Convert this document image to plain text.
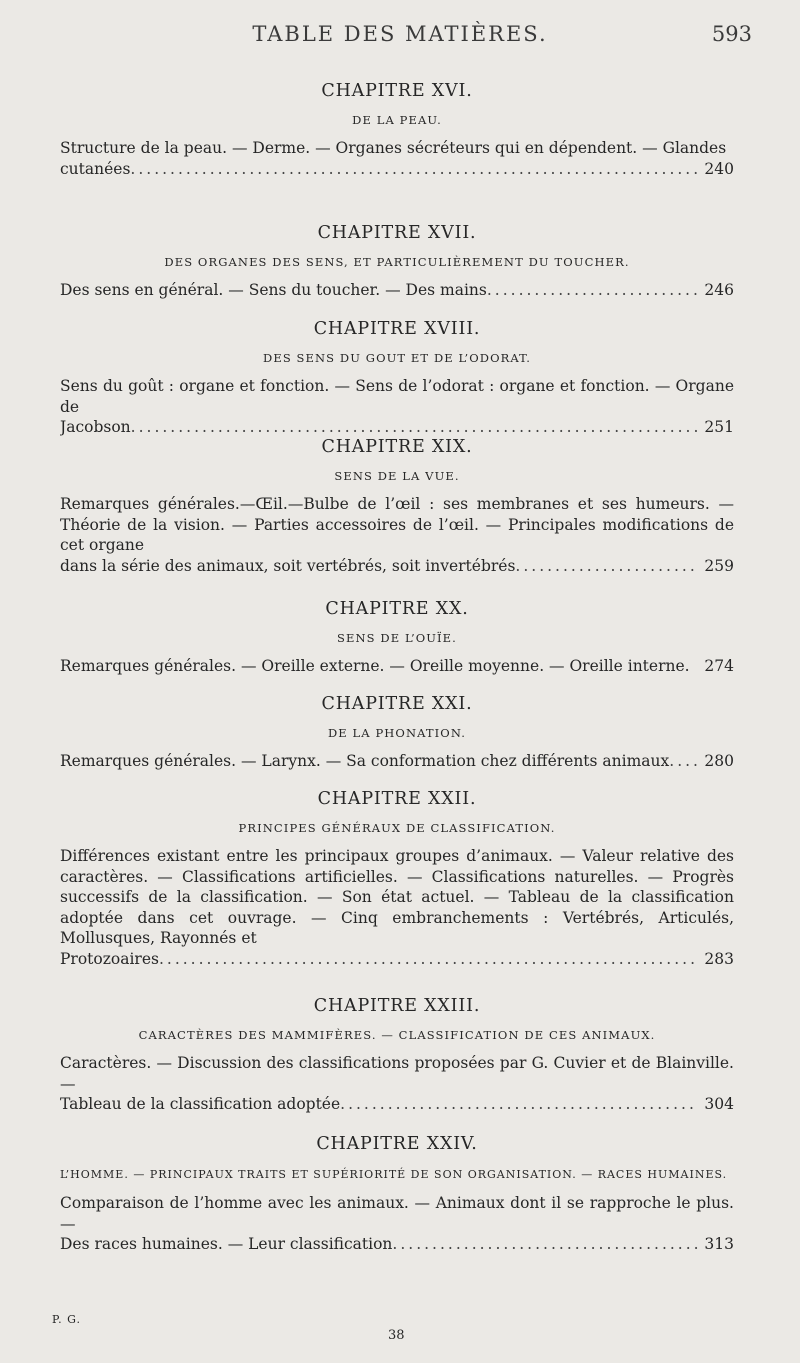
TABLE DES MATIÈRES.	593
CHAPITRE XVI.
DE LA PEAU.
Structure de la peau. — Derme. — Organes sécréteurs qui en dépendent. — Glandes
cutanées .....	240
CHAPITRE XVII.
DES ORGANES DES SENS, ET PARTICULIÈREMENT DU TOUCHER.
Des sens en général. — Sens du toucher. — Des mains .....	246
CHAPITRE XVIII.
DES SENS DU GOUT ET DE L’ODORAT.
Sens du goût : organe et fonction. — Sens de l’odorat : organe et fonction. — Organe de
Jacobson .....	251
CHAPITRE XIX.
SENS DE LA VUE.
Remarques générales.—Œil.—Bulbe de l’œil : ses membranes et ses humeurs. — Théorie de la vision. — Parties accessoires de l’œil. — Principales modifications de cet organe
dans la série des animaux, soit vertébrés, soit invertébrés .....	259
CHAPITRE XX.
SENS DE L’OUÏE.
Remarques générales. — Oreille externe. — Oreille moyenne. — Oreille interne. 274
CHAPITRE XXI.
DE LA PHONATION.
Remarques générales. — Larynx. — Sa conformation chez différents animaux .....	280
CHAPITRE XXII.
PRINCIPES GÉNÉRAUX DE CLASSIFICATION.
Différences existant entre les principaux groupes d’animaux. — Valeur relative des caractères. — Classifications artificielles. — Classifications naturelles. — Progrès successifs de la classification. — Son état actuel. — Tableau de la classification adoptée dans cet ouvrage. — Cinq embranchements : Vertébrés, Articulés, Mollusques, Rayonnés et
Protozoaires .....	283
CHAPITRE XXIII.
CARACTÈRES DES MAMMIFÈRES. — CLASSIFICATION DE CES ANIMAUX.
Caractères. — Discussion des classifications proposées par G. Cuvier et de Blainville. —
Tableau de la classification adoptée .....	304
CHAPITRE XXIV.
L’HOMME. — PRINCIPAUX TRAITS ET SUPÉRIORITÉ DE SON ORGANISATION. — RACES HUMAINES.
Comparaison de l’homme avec les animaux. — Animaux dont il se rapproche le plus. —
Des races humaines. — Leur classification .....	313
P. G.
38
